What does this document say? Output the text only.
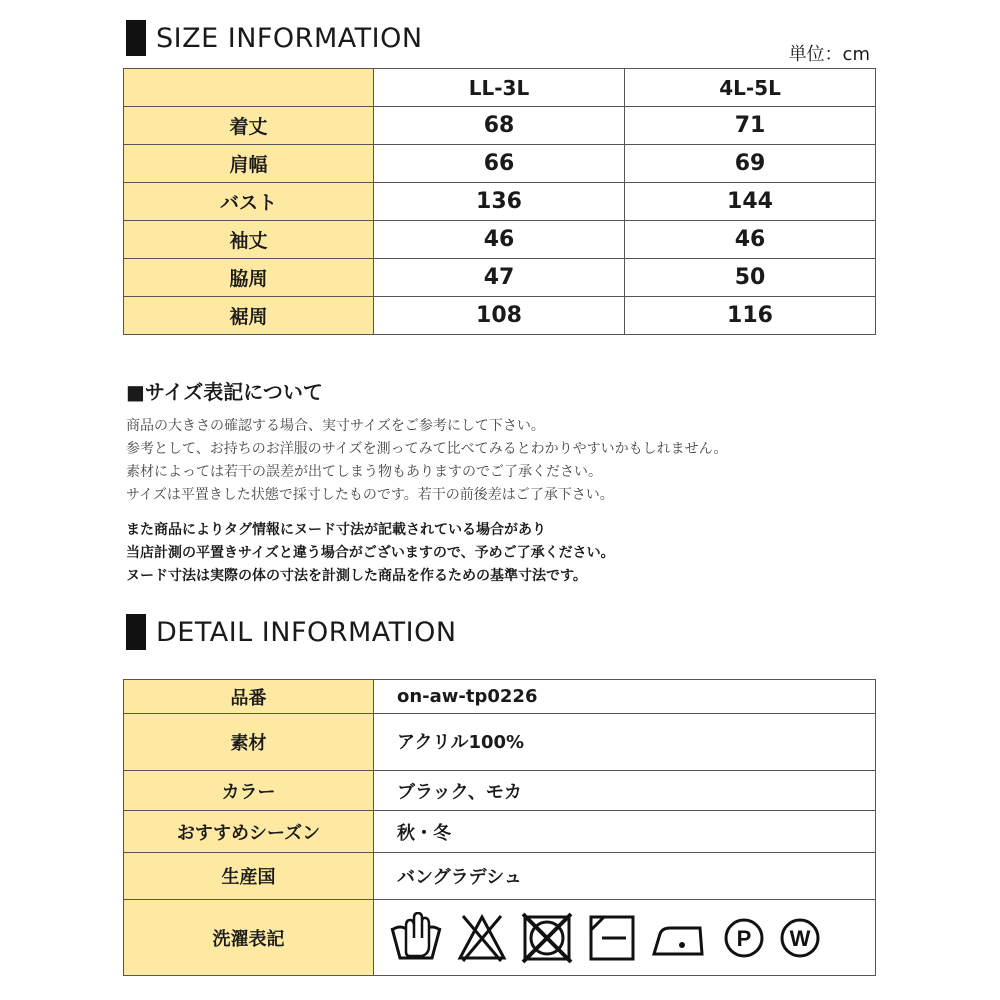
SIZE INFORMATION
単位：cm
	LL-3L	4L-5L
着丈	68	71
肩幅	66	69
バスト	136	144
袖丈	46	46
脇周	47	50
裾周	108	116
■サイズ表記について

商品の大きさの確認する場合、実寸サイズをご参考にして下さい。

参考として、お持ちのお洋服のサイズを測ってみて比べてみるとわかりやすいかもしれません。

素材によっては若干の誤差が出てしまう物もありますのでご了承ください。

サイズは平置きした状態で採寸したものです。若干の前後差はご了承下さい。

また商品によりタグ情報にヌード寸法が記載されている場合があり

当店計測の平置きサイズと違う場合がございますので、予めご了承ください。

ヌード寸法は実際の体の寸法を計測した商品を作るための基準寸法です。

DETAIL INFORMATION
品番	on-aw-tp0226
素材	アクリル100%
カラー	ブラック、モカ
おすすめシーズン	秋・冬
生産国	バングラデシュ
洗濯表記	P W
